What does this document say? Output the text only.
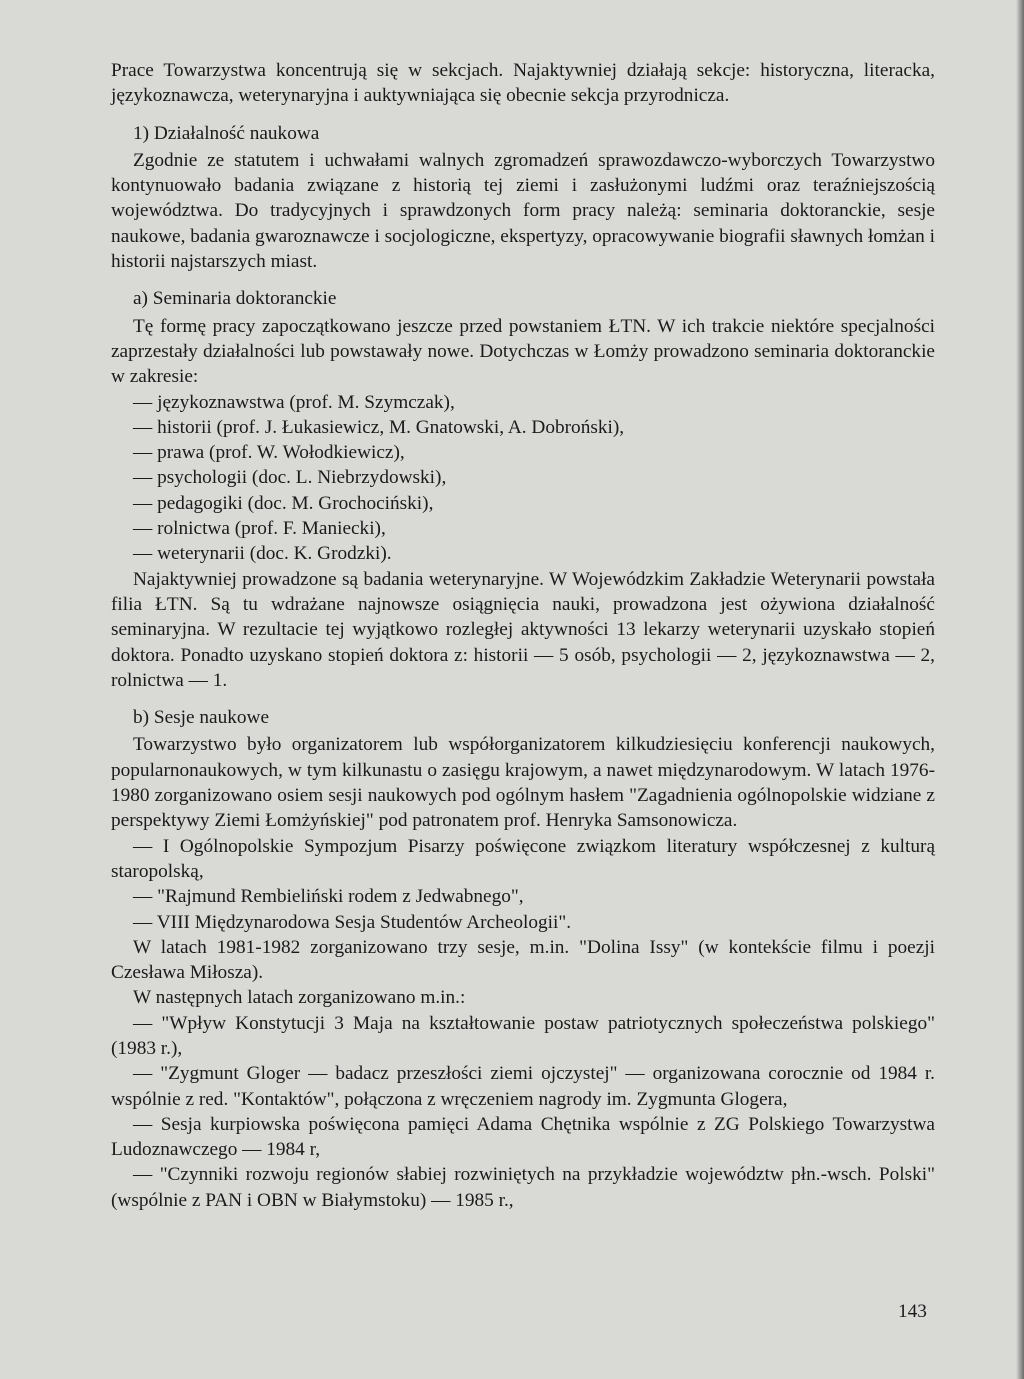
Prace Towarzystwa koncentrują się w sekcjach. Najaktywniej działają sekcje: historyczna, literacka, językoznawcza, weterynaryjna i auktywniająca się obecnie sekcja przyrodnicza.

1) Działalność naukowa

Zgodnie ze statutem i uchwałami walnych zgromadzeń sprawozdawczo-wyborczych Towarzystwo kontynuowało badania związane z historią tej ziemi i zasłużonymi ludźmi oraz teraźniejszością województwa. Do tradycyjnych i sprawdzonych form pracy należą: seminaria doktoranckie, sesje naukowe, badania gwaroznawcze i socjologiczne, ekspertyzy, opracowywanie biografii sławnych łomżan i historii najstarszych miast.

a) Seminaria doktoranckie

Tę formę pracy zapoczątkowano jeszcze przed powstaniem ŁTN. W ich trakcie niektóre specjalności zaprzestały działalności lub powstawały nowe. Dotychczas w Łomży prowadzono seminaria doktoranckie w zakresie:

— językoznawstwa (prof. M. Szymczak),

— historii (prof. J. Łukasiewicz, M. Gnatowski, A. Dobroński),

— prawa (prof. W. Wołodkiewicz),

— psychologii (doc. L. Niebrzydowski),

— pedagogiki (doc. M. Grochociński),

— rolnictwa (prof. F. Maniecki),

— weterynarii (doc. K. Grodzki).

Najaktywniej prowadzone są badania weterynaryjne. W Wojewódzkim Zakładzie Weterynarii powstała filia ŁTN. Są tu wdrażane najnowsze osiągnięcia nauki, prowadzona jest ożywiona działalność seminaryjna. W rezultacie tej wyjątkowo rozległej aktywności 13 lekarzy weterynarii uzyskało stopień doktora. Ponadto uzyskano stopień doktora z: historii — 5 osób, psychologii — 2, językoznawstwa — 2, rolnictwa — 1.

b) Sesje naukowe

Towarzystwo było organizatorem lub współorganizatorem kilkudziesięciu konferencji naukowych, popularnonaukowych, w tym kilkunastu o zasięgu krajowym, a nawet międzynarodowym. W latach 1976-1980 zorganizowano osiem sesji naukowych pod ogólnym hasłem "Zagadnienia ogólnopolskie widziane z perspektywy Ziemi Łomżyńskiej" pod patronatem prof. Henryka Samsonowicza.

— I Ogólnopolskie Sympozjum Pisarzy poświęcone związkom literatury współczesnej z kulturą staropolską,

— "Rajmund Rembieliński rodem z Jedwabnego",

— VIII Międzynarodowa Sesja Studentów Archeologii".

W latach 1981-1982 zorganizowano trzy sesje, m.in. "Dolina Issy" (w kontekście filmu i poezji Czesława Miłosza).

W następnych latach zorganizowano m.in.:

— "Wpływ Konstytucji 3 Maja na kształtowanie postaw patriotycznych społeczeństwa polskiego" (1983 r.),

— "Zygmunt Gloger — badacz przeszłości ziemi ojczystej" — organizowana corocznie od 1984 r. wspólnie z red. "Kontaktów", połączona z wręczeniem nagrody im. Zygmunta Glogera,

— Sesja kurpiowska poświęcona pamięci Adama Chętnika wspólnie z ZG Polskiego Towarzystwa Ludoznawczego — 1984 r,

— "Czynniki rozwoju regionów słabiej rozwiniętych na przykładzie województw płn.-wsch. Polski" (wspólnie z PAN i OBN w Białymstoku) — 1985 r.,

143
